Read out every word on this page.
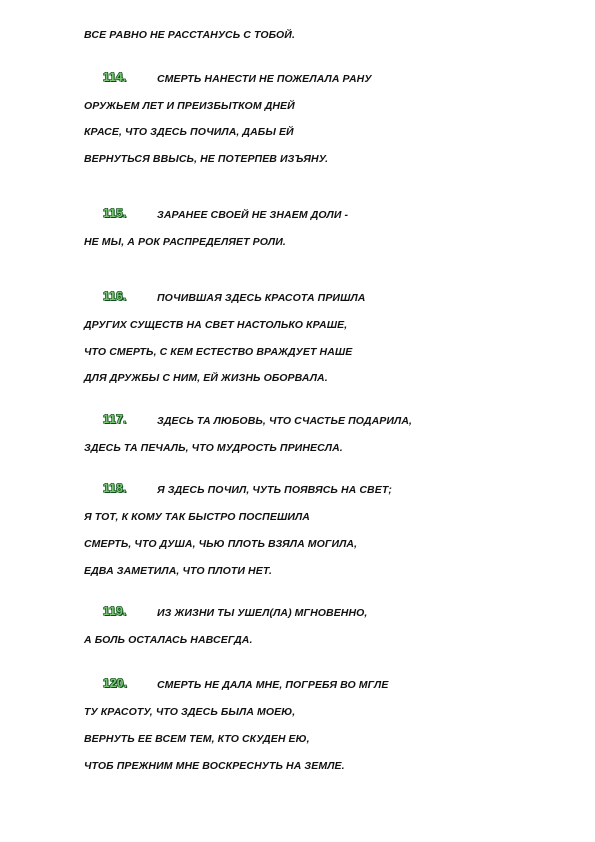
ВСЕ РАВНО НЕ РАССТАНУСЬ С ТОБОЙ.
114.	СМЕРТЬ НАНЕСТИ НЕ ПОЖЕЛАЛА РАНУ
ОРУЖЬЕМ ЛЕТ И ПРЕИЗБЫТКОМ ДНЕЙ
КРАСЕ, ЧТО ЗДЕСЬ ПОЧИЛА, ДАБЫ ЕЙ
ВЕРНУТЬСЯ ВВЫСЬ, НЕ ПОТЕРПЕВ ИЗЪЯНУ.
115.	ЗАРАНЕЕ СВОЕЙ НЕ ЗНАЕМ ДОЛИ -
НЕ МЫ, А РОК РАСПРЕДЕЛЯЕТ РОЛИ.
116.	ПОЧИВШАЯ ЗДЕСЬ КРАСОТА ПРИШЛА
ДРУГИХ СУЩЕСТВ НА СВЕТ НАСТОЛЬКО КРАШЕ,
ЧТО СМЕРТЬ, С КЕМ ЕСТЕСТВО ВРАЖДУЕТ НАШЕ
ДЛЯ ДРУЖБЫ С НИМ, ЕЙ ЖИЗНЬ ОБОРВАЛА.
117.	ЗДЕСЬ ТА ЛЮБОВЬ, ЧТО СЧАСТЬЕ ПОДАРИЛА,
ЗДЕСЬ ТА ПЕЧАЛЬ, ЧТО МУДРОСТЬ ПРИНЕСЛА.
118.	Я ЗДЕСЬ ПОЧИЛ, ЧУТЬ ПОЯВЯСЬ НА СВЕТ;
Я ТОТ, К КОМУ ТАК БЫСТРО ПОСПЕШИЛА
СМЕРТЬ, ЧТО ДУША, ЧЬЮ ПЛОТЬ ВЗЯЛА МОГИЛА,
ЕДВА ЗАМЕТИЛА, ЧТО ПЛОТИ НЕТ.
119.	ИЗ ЖИЗНИ ТЫ УШЕЛ(ЛА) МГНОВЕННО,
А БОЛЬ ОСТАЛАСЬ НАВСЕГДА.
120.	СМЕРТЬ НЕ ДАЛА МНЕ, ПОГРЕБЯ ВО МГЛЕ
ТУ КРАСОТУ, ЧТО ЗДЕСЬ БЫЛА МОЕЮ,
ВЕРНУТЬ ЕЕ ВСЕМ ТЕМ, КТО СКУДЕН ЕЮ,
ЧТОБ ПРЕЖНИМ МНЕ ВОСКРЕСНУТЬ НА ЗЕМЛЕ.
